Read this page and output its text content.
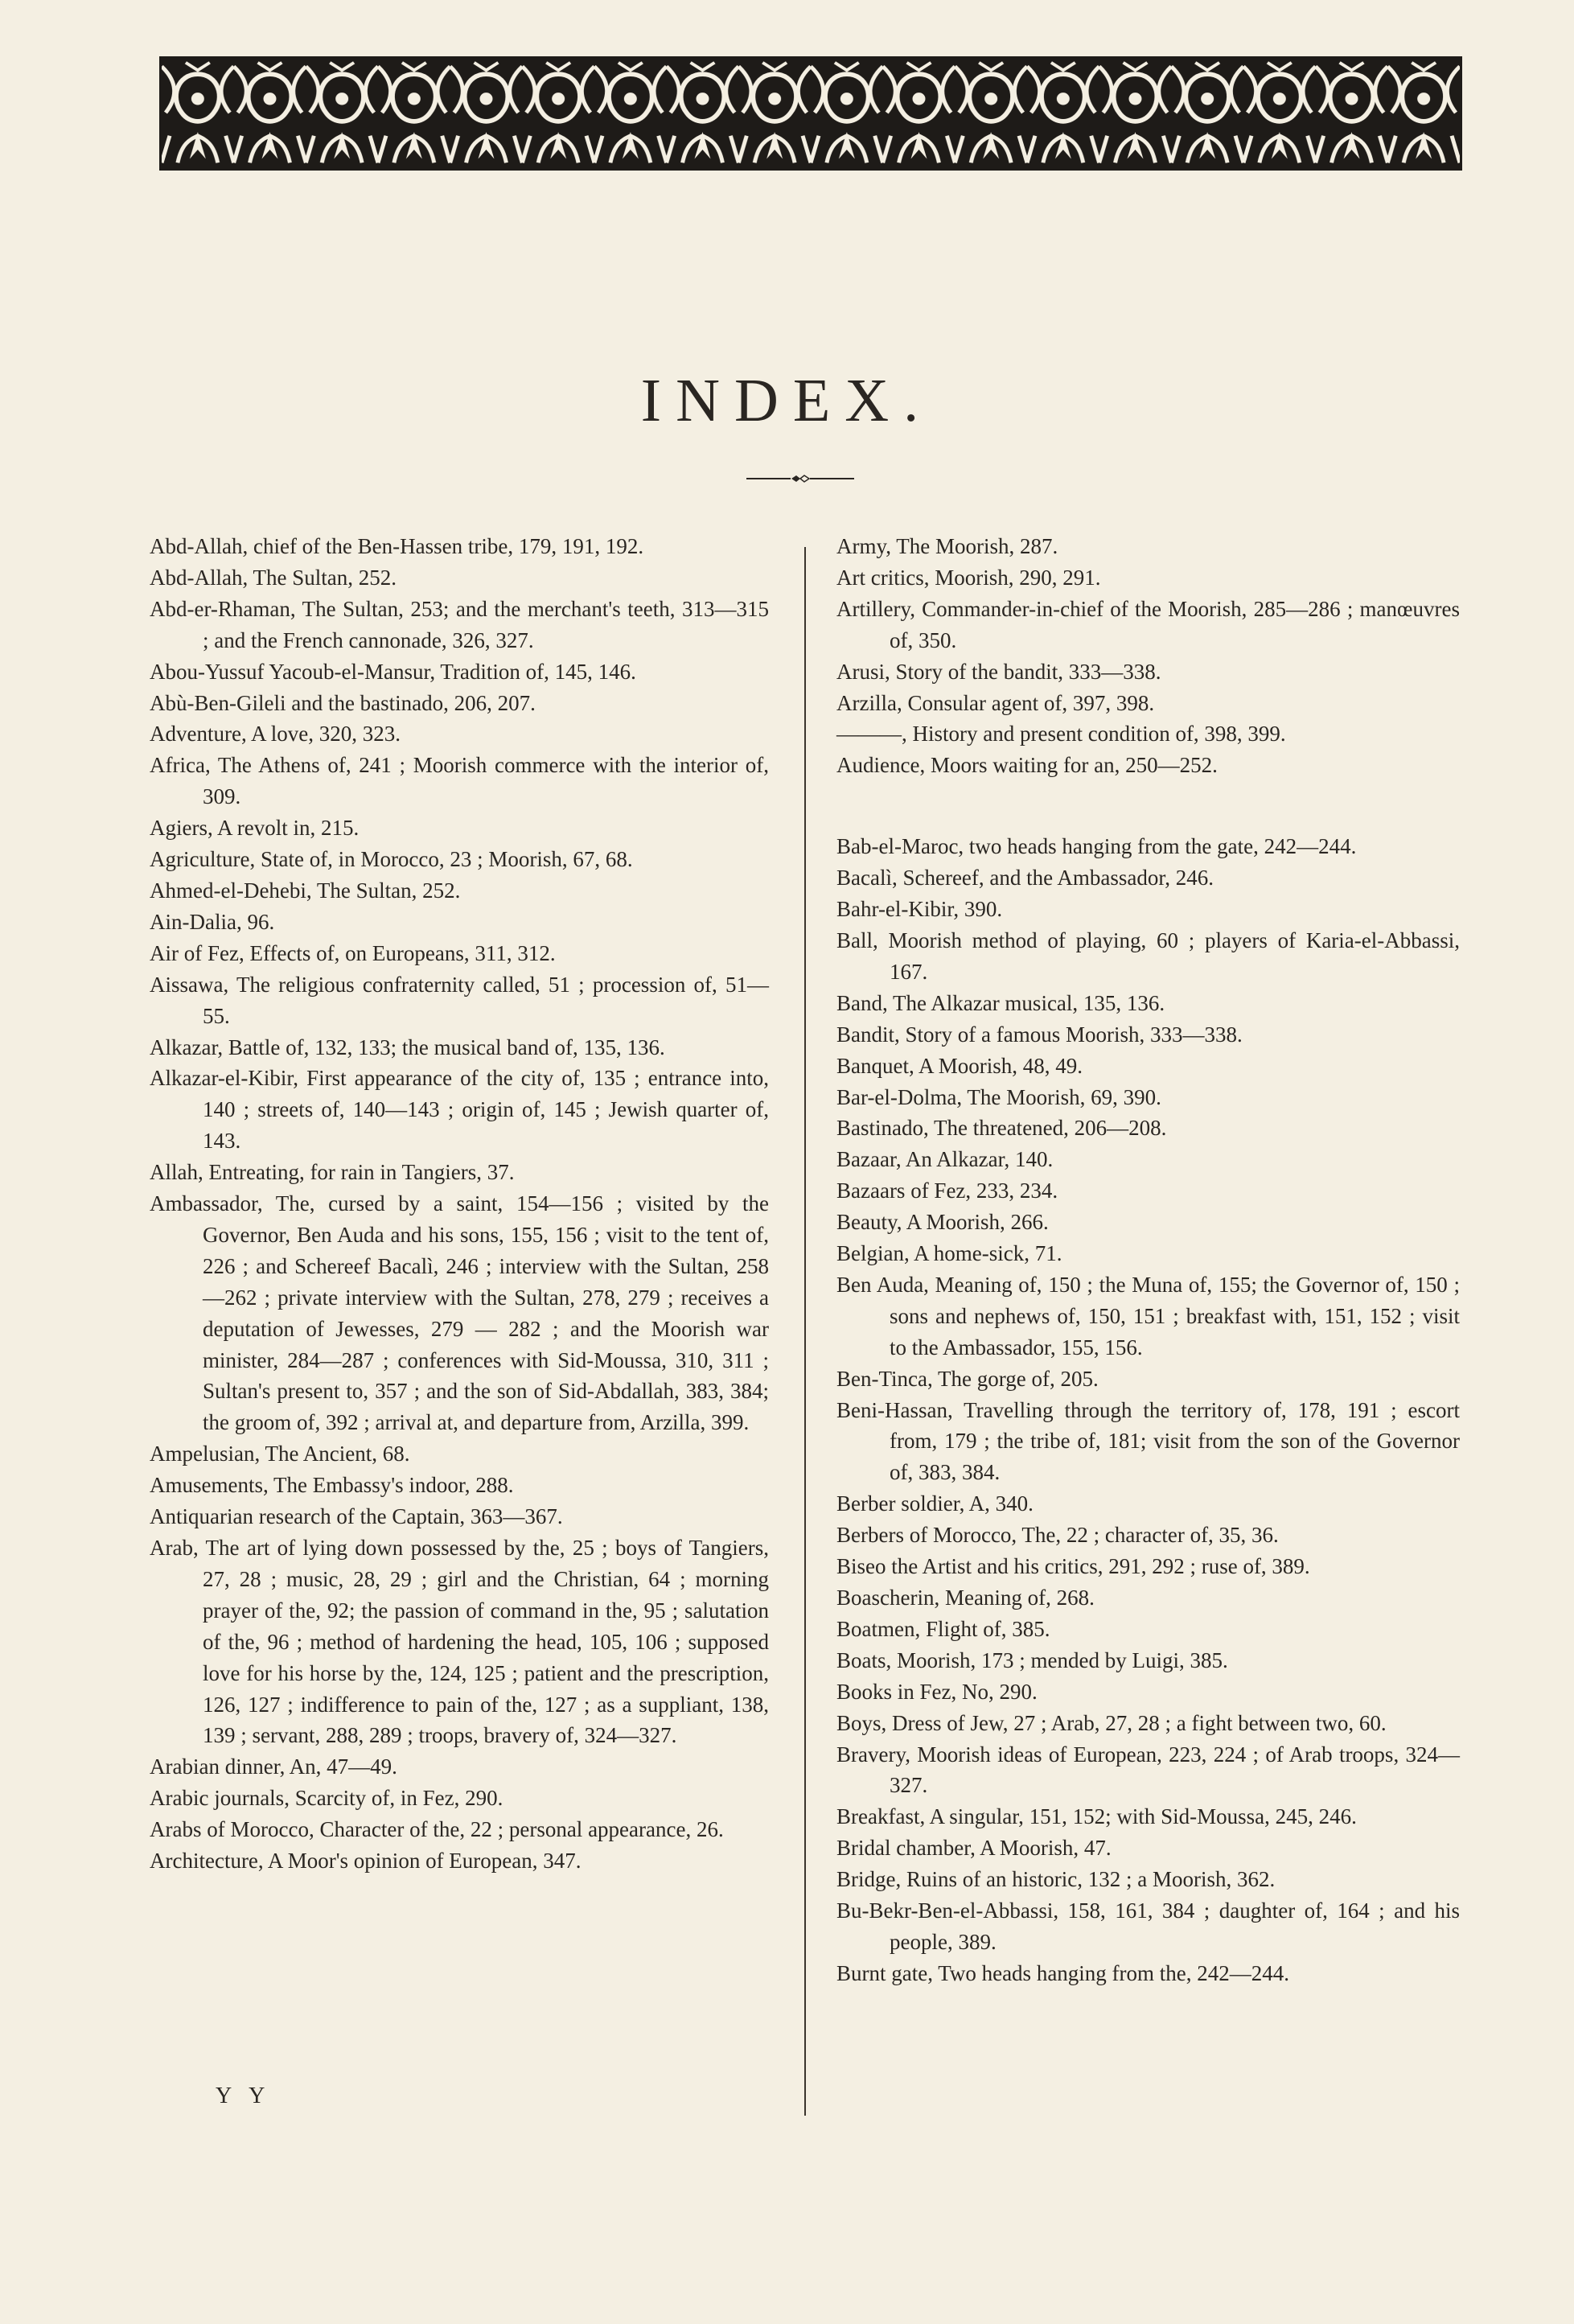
INDEX.

Abd-Allah, chief of the Ben-Hassen tribe, 179, 191, 192.

Abd-Allah, The Sultan, 252.

Abd-er-Rhaman, The Sultan, 253; and the merchant's teeth, 313—315 ; and the French cannonade, 326, 327.

Abou-Yussuf Yacoub-el-Mansur, Tradition of, 145, 146.

Abù-Ben-Gileli and the bastinado, 206, 207.

Adventure, A love, 320, 323.

Africa, The Athens of, 241 ; Moorish commerce with the interior of, 309.

Agiers, A revolt in, 215.

Agriculture, State of, in Morocco, 23 ; Moorish, 67, 68.

Ahmed-el-Dehebi, The Sultan, 252.

Ain-Dalia, 96.

Air of Fez, Effects of, on Europeans, 311, 312.

Aissawa, The religious confraternity called, 51 ; procession of, 51—55.

Alkazar, Battle of, 132, 133; the musical band of, 135, 136.

Alkazar-el-Kibir, First appearance of the city of, 135 ; entrance into, 140 ; streets of, 140—143 ; origin of, 145 ; Jewish quarter of, 143.

Allah, Entreating, for rain in Tangiers, 37.

Ambassador, The, cursed by a saint, 154—156 ; visited by the Governor, Ben Auda and his sons, 155, 156 ; visit to the tent of, 226 ; and Schereef Bacalì, 246 ; interview with the Sultan, 258—262 ; private interview with the Sultan, 278, 279 ; receives a deputation of Jewesses, 279 — 282 ; and the Moorish war minister, 284—287 ; conferences with Sid-Moussa, 310, 311 ; Sultan's present to, 357 ; and the son of Sid-Abdallah, 383, 384; the groom of, 392 ; arrival at, and departure from, Arzilla, 399.

Ampelusian, The Ancient, 68.

Amusements, The Embassy's indoor, 288.

Antiquarian research of the Captain, 363—367.

Arab, The art of lying down possessed by the, 25 ; boys of Tangiers, 27, 28 ; music, 28, 29 ; girl and the Christian, 64 ; morning prayer of the, 92; the passion of command in the, 95 ; salutation of the, 96 ; method of hardening the head, 105, 106 ; supposed love for his horse by the, 124, 125 ; patient and the prescription, 126, 127 ; indifference to pain of the, 127 ; as a suppliant, 138, 139 ; servant, 288, 289 ; troops, bravery of, 324—327.

Arabian dinner, An, 47—49.

Arabic journals, Scarcity of, in Fez, 290.

Arabs of Morocco, Character of the, 22 ; personal appearance, 26.

Architecture, A Moor's opinion of European, 347.

Army, The Moorish, 287.

Art critics, Moorish, 290, 291.

Artillery, Commander-in-chief of the Moorish, 285—286 ; manœuvres of, 350.

Arusi, Story of the bandit, 333—338.

Arzilla, Consular agent of, 397, 398.

———, History and present condition of, 398, 399.

Audience, Moors waiting for an, 250—252.

Bab-el-Maroc, two heads hanging from the gate, 242—244.

Bacalì, Schereef, and the Ambassador, 246.

Bahr-el-Kibir, 390.

Ball, Moorish method of playing, 60 ; players of Karia-el-Abbassi, 167.

Band, The Alkazar musical, 135, 136.

Bandit, Story of a famous Moorish, 333—338.

Banquet, A Moorish, 48, 49.

Bar-el-Dolma, The Moorish, 69, 390.

Bastinado, The threatened, 206—208.

Bazaar, An Alkazar, 140.

Bazaars of Fez, 233, 234.

Beauty, A Moorish, 266.

Belgian, A home-sick, 71.

Ben Auda, Meaning of, 150 ; the Muna of, 155; the Governor of, 150 ; sons and nephews of, 150, 151 ; breakfast with, 151, 152 ; visit to the Ambassador, 155, 156.

Ben-Tinca, The gorge of, 205.

Beni-Hassan, Travelling through the territory of, 178, 191 ; escort from, 179 ; the tribe of, 181; visit from the son of the Governor of, 383, 384.

Berber soldier, A, 340.

Berbers of Morocco, The, 22 ; character of, 35, 36.

Biseo the Artist and his critics, 291, 292 ; ruse of, 389.

Boascherin, Meaning of, 268.

Boatmen, Flight of, 385.

Boats, Moorish, 173 ; mended by Luigi, 385.

Books in Fez, No, 290.

Boys, Dress of Jew, 27 ; Arab, 27, 28 ; a fight between two, 60.

Bravery, Moorish ideas of European, 223, 224 ; of Arab troops, 324—327.

Breakfast, A singular, 151, 152; with Sid-Moussa, 245, 246.

Bridal chamber, A Moorish, 47.

Bridge, Ruins of an historic, 132 ; a Moorish, 362.

Bu-Bekr-Ben-el-Abbassi, 158, 161, 384 ; daughter of, 164 ; and his people, 389.

Burnt gate, Two heads hanging from the, 242—244.

Y Y
